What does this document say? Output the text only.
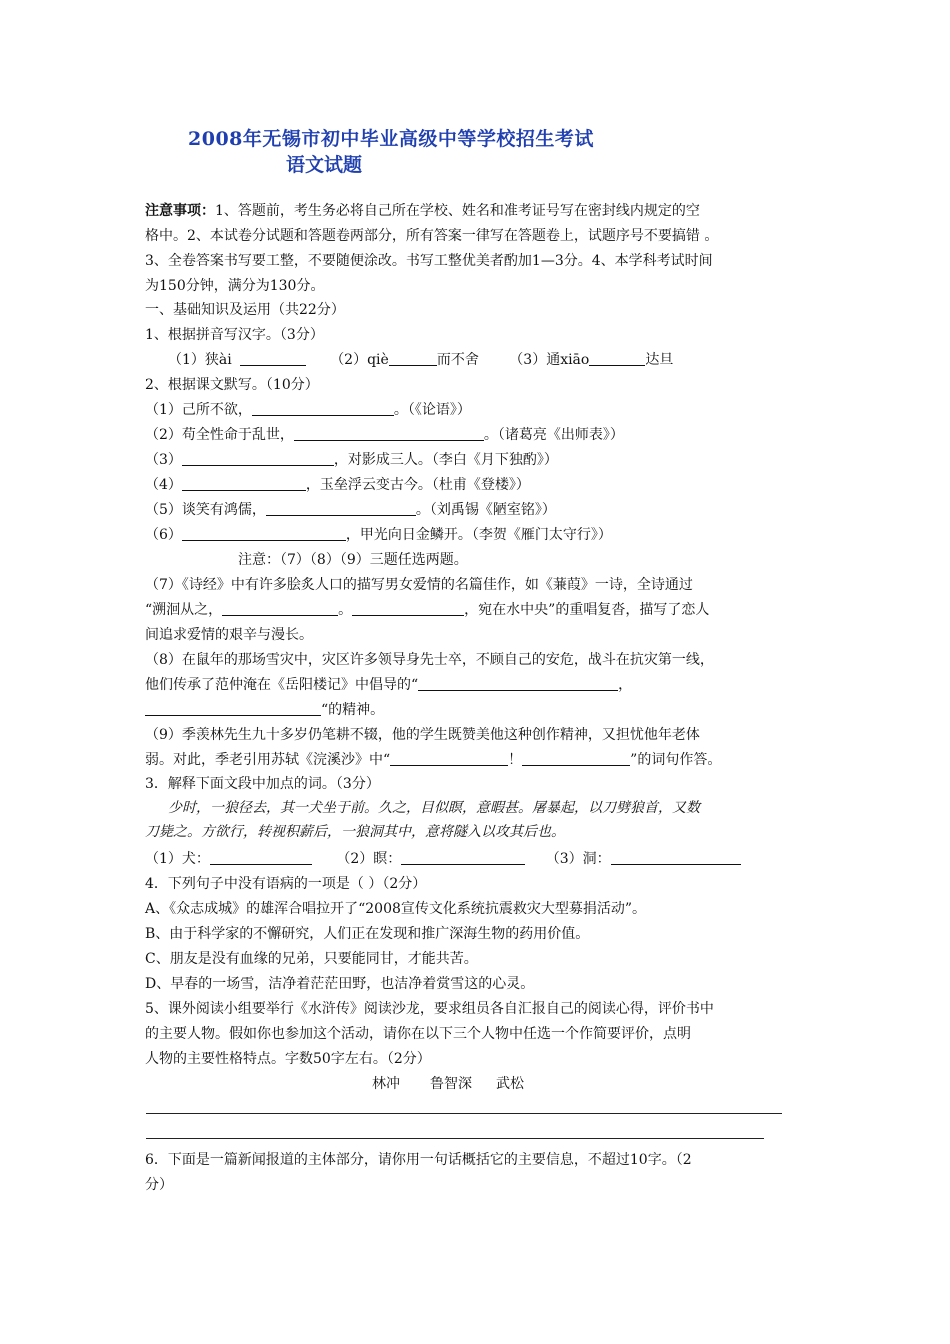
2008年无锡市初中毕业高级中等学校招生考试
语文试题

注意事项：1、答题前，考生务必将自己所在学校、姓名和准考证号写在密封线内规定的空

格中。2、本试卷分试题和答题卷两部分，所有答案一律写在答题卷上，试题序号不要搞错 。

3、全卷答案书写要工整，不要随便涂改。书写工整优美者酌加1—3分。4、本学科考试时间

为150分钟，满分为130分。

一、基础知识及运用（共22分）

1、根据拼音写汉字。（3分）

（1）狭ài	（2）qiè	而不舍 （3）通xiāo	达旦

2、根据课文默写。（10分）

（1）己所不欲，	。（《论语》）

（2）苟全性命于乱世，	。（诸葛亮《出师表》）

（3）	，对影成三人。（李白《月下独酌》）

（4）	，玉垒浮云变古今。（杜甫《登楼》）

（5）谈笑有鸿儒，	。（刘禹锡《陋室铭》）

（6）	，甲光向日金鳞开。（李贺《雁门太守行》）

注意：（7）（8）（9）三题任选两题。

（7）《诗经》中有许多脍炙人口的描写男女爱情的名篇佳作，如《蒹葭》一诗，全诗通过

“溯洄从之，	。	，宛在水中央”的重唱复沓，描写了恋人

间追求爱情的艰辛与漫长。

（8）在鼠年的那场雪灾中，灾区许多领导身先士卒，不顾自己的安危，战斗在抗灾第一线，

他们传承了范仲淹在《岳阳楼记》中倡导的“	，

“的精神。

（9）季羡林先生九十多岁仍笔耕不辍，他的学生既赞美他这种创作精神，又担忧他年老体

弱。对此，季老引用苏轼《浣溪沙》中“	！	”的词句作答。

3．解释下面文段中加点的词。（3分）

少时，一狼径去，其一犬坐于前。久之，目似瞑，意暇甚。屠暴起，以刀劈狼首，又数

刀毙之。方欲行，转视积薪后，一狼洞其中，意将隧入以攻其后也。

（1）犬：	（2）瞑：	（3）洞：

4．下列句子中没有语病的一项是（ ）（2分）

A、《众志成城》的雄浑合唱拉开了“2008宣传文化系统抗震救灾大型募捐活动”。

B、由于科学家的不懈研究，人们正在发现和推广深海生物的药用价值。

C、朋友是没有血缘的兄弟，只要能同甘，才能共苦。

D、早春的一场雪，洁净着茫茫田野，也洁净着赏雪这的心灵。

5、课外阅读小组要举行《水浒传》阅读沙龙，要求组员各自汇报自己的阅读心得，评价书中

的主要人物。假如你也参加这个活动，请你在以下三个人物中任选一个作简要评价，点明

人物的主要性格特点。字数50字左右。（2分）

林冲 鲁智深 武松

6．下面是一篇新闻报道的主体部分，请你用一句话概括它的主要信息，不超过10字。（2

分）
